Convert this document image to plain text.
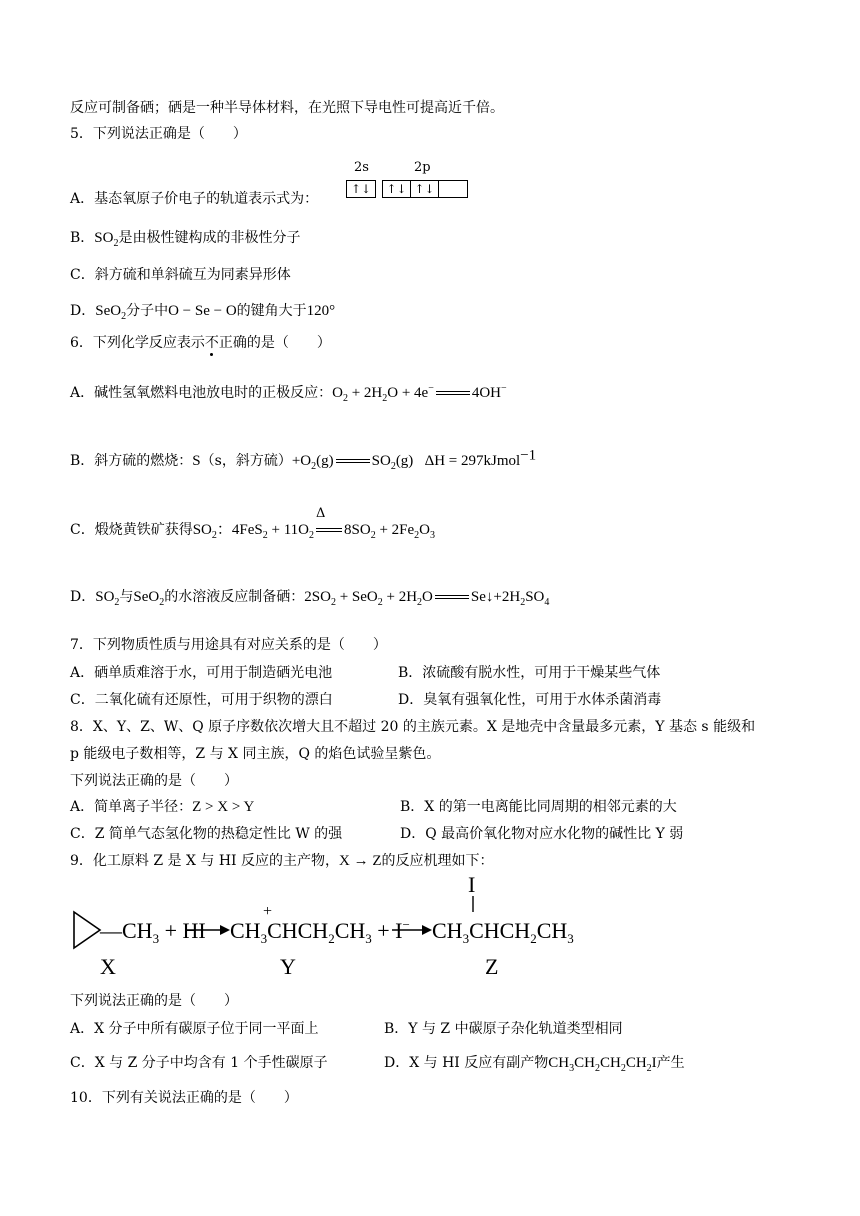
反应可制备硒；硒是一种半导体材料，在光照下导电性可提高近千倍。
5．下列说法正确是（　　）
A．基态氧原子价电子的轨道表示式为：
2s	2p
↑↓	↑↓ ↑↓
B．$SO_2$是由极性键构成的非极性分子
C．斜方硫和单斜硫互为同素异形体
D．SeO$_2$分子中O − Se − O的键角大于120°
6．下列化学反应表示不正确的是（　　）
A．碱性氢氧燃料电池放电时的正极反应：$O_2 + 2H_2O + 4e^-$	4OH−
B．斜方硫的燃烧：S（s，斜方硫）$+O_2(g)$	$SO_2(g) \Delta H$ = 297kJmol$^{-1}$
C．煅烧黄铁矿获得$SO_2$：$4FeS_2 + 11O_2$
Δ
$8SO_2 + 2Fe_2O_3$
D．$SO_2$与SeO$_2$的水溶液反应制备硒：$2SO_2 + SeO_2 + 2H_2O$	$Se↓+2H_2SO_4$
7．下列物质性质与用途具有对应关系的是（　　）
A．硒单质难溶于水，可用于制造硒光电池	B．浓硫酸有脱水性，可用于干燥某些气体
C．二氧化硫有还原性，可用于织物的漂白	D．臭氧有强氧化性，可用于水体杀菌消毒
8．X、Y、Z、W、Q 原子序数依次增大且不超过 20 的主族元素。X 是地壳中含量最多元素，Y 基态 s 能级和
p 能级电子数相等，Z 与 X 同主族，Q 的焰色试验呈紫色。
下列说法正确的是（　　）
A．简单离子半径：Z > X > Y	B．X 的第一电离能比同周期的相邻元素的大
C．Z 简单气态氢化物的热稳定性比 W 的强	D．Q 最高价氧化物对应水化物的碱性比 Y 弱
9．化工原料 Z 是 X 与 HI 反应的主产物，X → Z的反应机理如下：
$—CH_3$ + HI
+
$CH_3CHCH_2CH_3 + I^-$
I
$CH_3CHCH_2CH_3$
X	Y	Z
下列说法正确的是（　　）
A．X 分子中所有碳原子位于同一平面上	B．Y 与 Z 中碳原子杂化轨道类型相同
C．X 与 Z 分子中均含有 1 个手性碳原子	D．X 与 HI 反应有副产物$CH_3CH_2CH_2CH_2I$产生
10．下列有关说法正确的是（　　）
